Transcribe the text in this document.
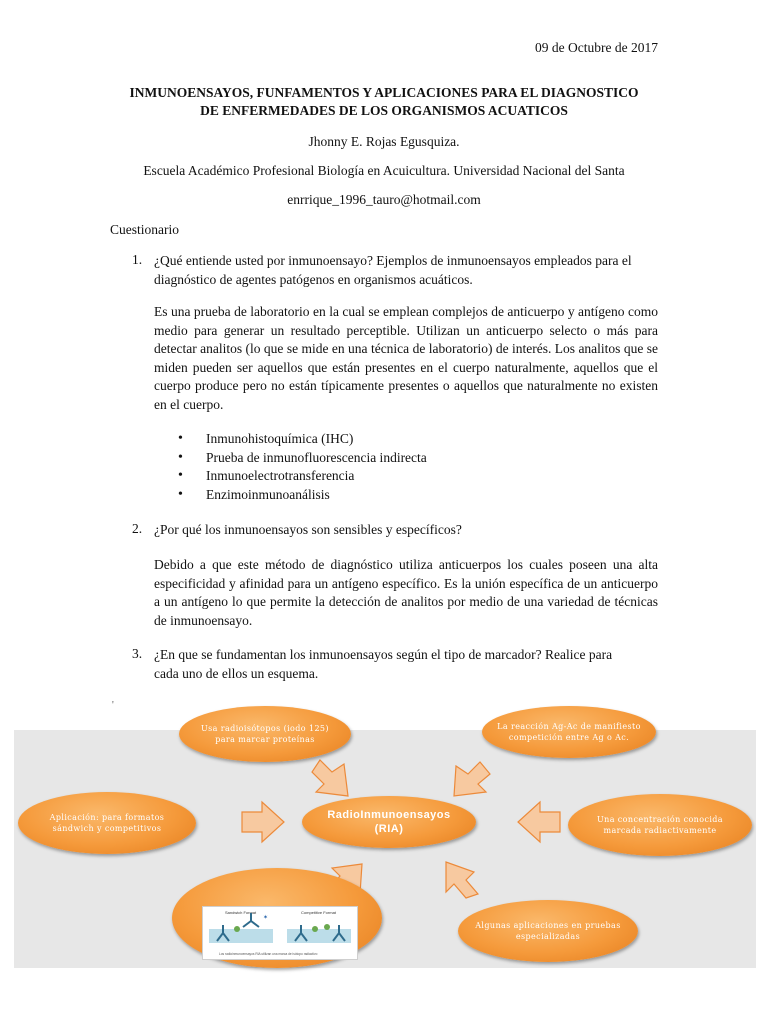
09 de Octubre de 2017
INMUNOENSAYOS, FUNFAMENTOS Y APLICACIONES PARA EL DIAGNOSTICO
DE ENFERMEDADES DE LOS ORGANISMOS ACUATICOS
Jhonny E. Rojas Egusquiza.
Escuela Académico Profesional Biología en Acuicultura. Universidad Nacional del Santa
enrrique_1996_tauro@hotmail.com
Cuestionario
1. ¿Qué entiende usted por inmunoensayo? Ejemplos de inmunoensayos empleados para el
diagnóstico de agentes patógenos en organismos acuáticos.
Es una prueba de laboratorio en la cual se emplean complejos de anticuerpo y antígeno como medio para generar un resultado perceptible. Utilizan un anticuerpo selecto o más para detectar analitos (lo que se mide en una técnica de laboratorio) de interés. Los analitos que se miden pueden ser aquellos que están presentes en el cuerpo naturalmente, aquellos que el cuerpo produce pero no están típicamente presentes o aquellos que naturalmente no existen en el cuerpo.
• Inmunohistoquímica (IHC)
• Prueba de inmunofluorescencia indirecta
• Inmunoelectrotransferencia
• Enzimoinmunoanálisis
2. ¿Por qué los inmunoensayos son sensibles y específicos?
Debido a que este método de diagnóstico utiliza anticuerpos los cuales poseen una alta especificidad y afinidad para un antígeno específico. Es la unión específica de un anticuerpo a un antígeno lo que permite la detección de analitos por medio de una variedad de técnicas de inmunoensayo.
3. ¿En que se fundamentan los inmunoensayos según el tipo de marcador? Realice para
cada uno de ellos un esquema.
'
Usa radioisótopos (iodo 125) para marcar proteínas
La reacción Ag-Ac de manifiesto competición entre Ag o Ac.
Aplicación: para formatos sándwich y competitivos
RadioInmunoensayos (RIA)
Una concentración conocida marcada radiactivamente
Sandwich Format	Competitive Format
✶
Los radioinmunoensayos RIA utilizan una marca de isótopo radiactivo
Algunas aplicaciones en pruebas especializadas
